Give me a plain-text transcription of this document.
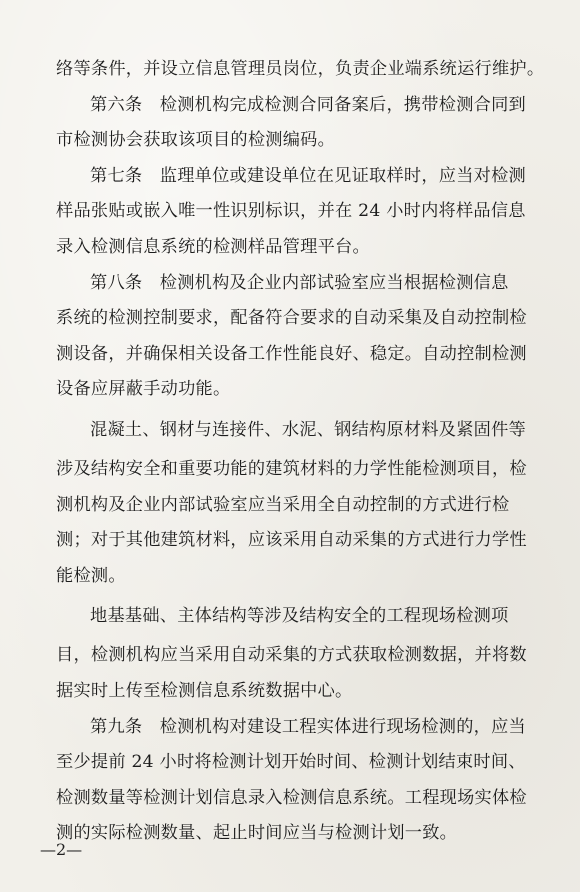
络等条件，并设立信息管理员岗位，负责企业端系统运行维护。
第六条　检测机构完成检测合同备案后，携带检测合同到
市检测协会获取该项目的检测编码。
第七条　监理单位或建设单位在见证取样时，应当对检测
样品张贴或嵌入唯一性识别标识，并在 24 小时内将样品信息
录入检测信息系统的检测样品管理平台。
第八条　检测机构及企业内部试验室应当根据检测信息
系统的检测控制要求，配备符合要求的自动采集及自动控制检
测设备，并确保相关设备工作性能良好、稳定。自动控制检测
设备应屏蔽手动功能。
混凝土、钢材与连接件、水泥、钢结构原材料及紧固件等
涉及结构安全和重要功能的建筑材料的力学性能检测项目，检
测机构及企业内部试验室应当采用全自动控制的方式进行检
测；对于其他建筑材料，应该采用自动采集的方式进行力学性
能检测。
地基基础、主体结构等涉及结构安全的工程现场检测项
目，检测机构应当采用自动采集的方式获取检测数据，并将数
据实时上传至检测信息系统数据中心。
第九条　检测机构对建设工程实体进行现场检测的，应当
至少提前 24 小时将检测计划开始时间、检测计划结束时间、
检测数量等检测计划信息录入检测信息系统。工程现场实体检
测的实际检测数量、起止时间应当与检测计划一致。
—2—
